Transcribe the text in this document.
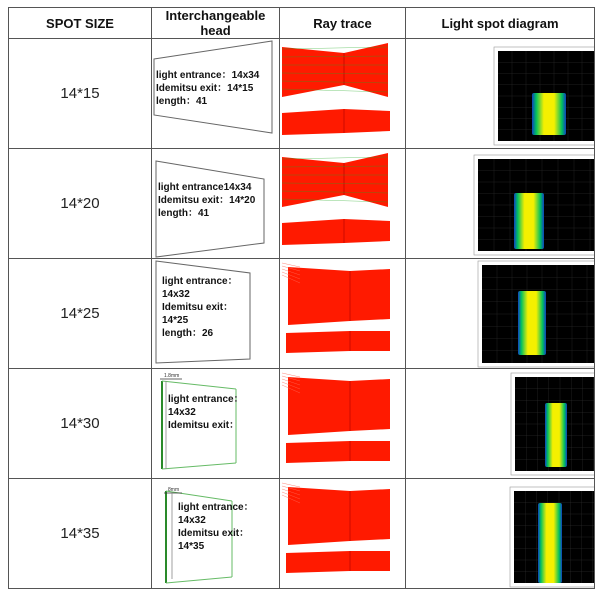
SPOT SIZE	Interchangeable head	Ray trace	Light spot diagram
14*15	light entrance：14x34
Idemitsu exit：14*15
length：41

14*20	light entrance14x34
Idemitsu exit：14*20
length：41

14*25	light entrance：
14x32
Idemitsu exit：
14*25
length：26

14*30	1.8mm
light entrance：
14x32
Idemitsu exit：

14*35	8mm
light entrance：
14x32
Idemitsu exit：
14*35
